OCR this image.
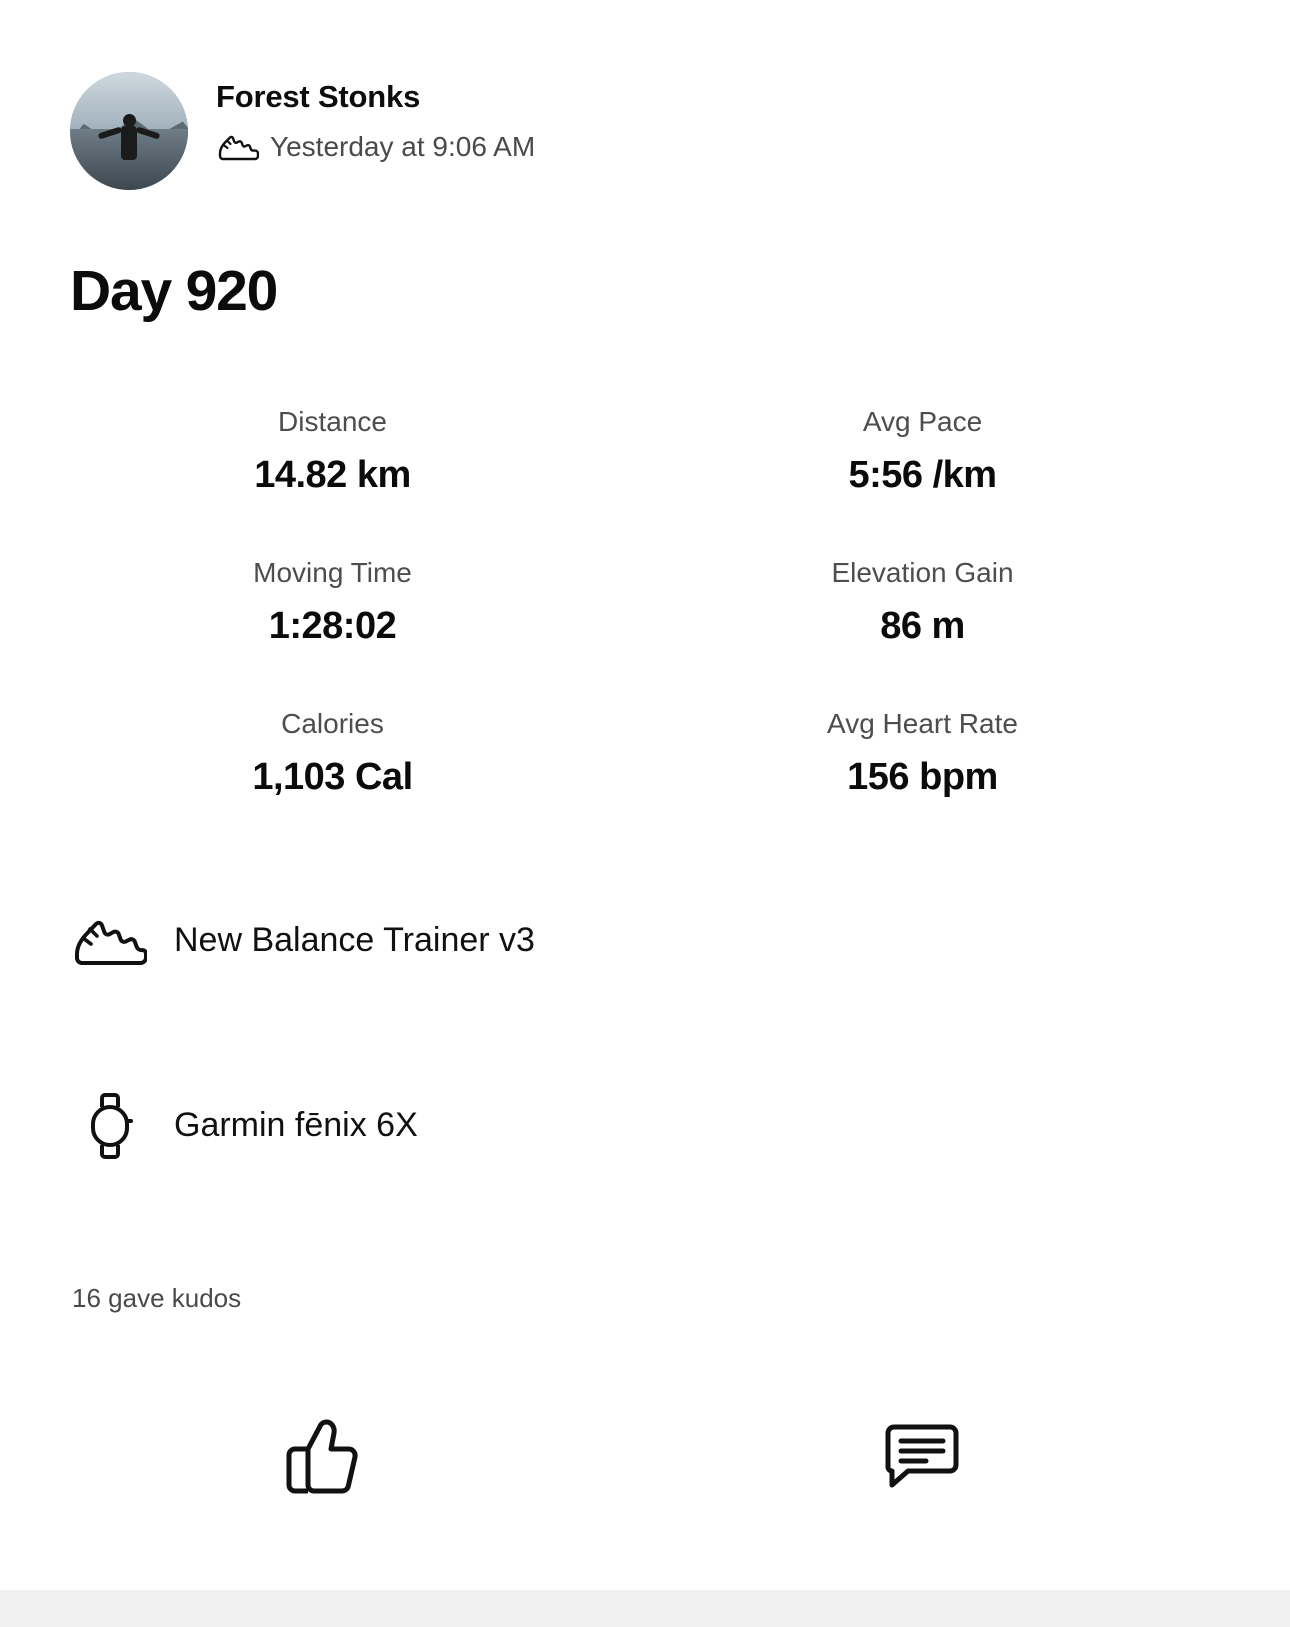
Forest Stonks
Yesterday at 9:06 AM
Day 920
Distance
14.82 km
Avg Pace
5:56 /km
Moving Time
1:28:02
Elevation Gain
86 m
Calories
1,103 Cal
Avg Heart Rate
156 bpm
New Balance Trainer v3
Garmin fēnix 6X
16 gave kudos
